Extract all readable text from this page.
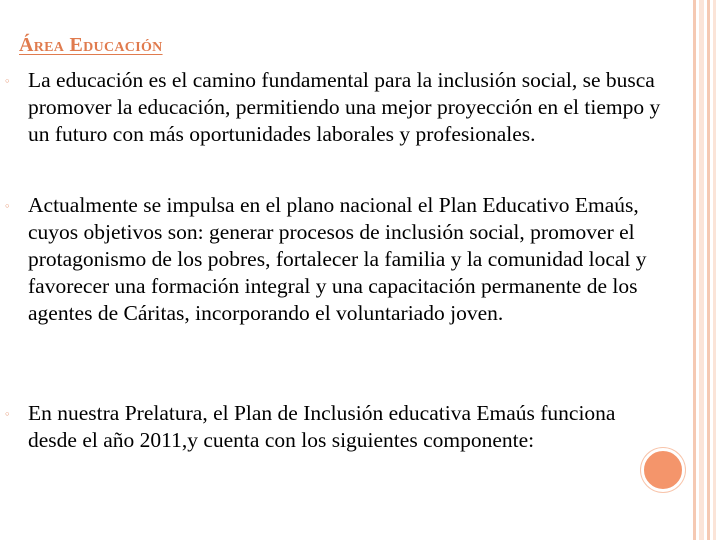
Área Educación
◦ La educación es el camino fundamental para la inclusión social, se busca promover la educación, permitiendo una mejor proyección en el tiempo y un futuro con más oportunidades laborales y profesionales.
◦ Actualmente se impulsa en el plano nacional el Plan Educativo Emaús, cuyos objetivos son: generar procesos de inclusión social, promover el protagonismo de los pobres, fortalecer la familia y la comunidad local y favorecer una formación integral y una capacitación permanente de los agentes de Cáritas, incorporando el voluntariado joven.
◦ En nuestra Prelatura, el Plan de Inclusión educativa Emaús funciona desde el año 2011,y cuenta con los siguientes componente:
